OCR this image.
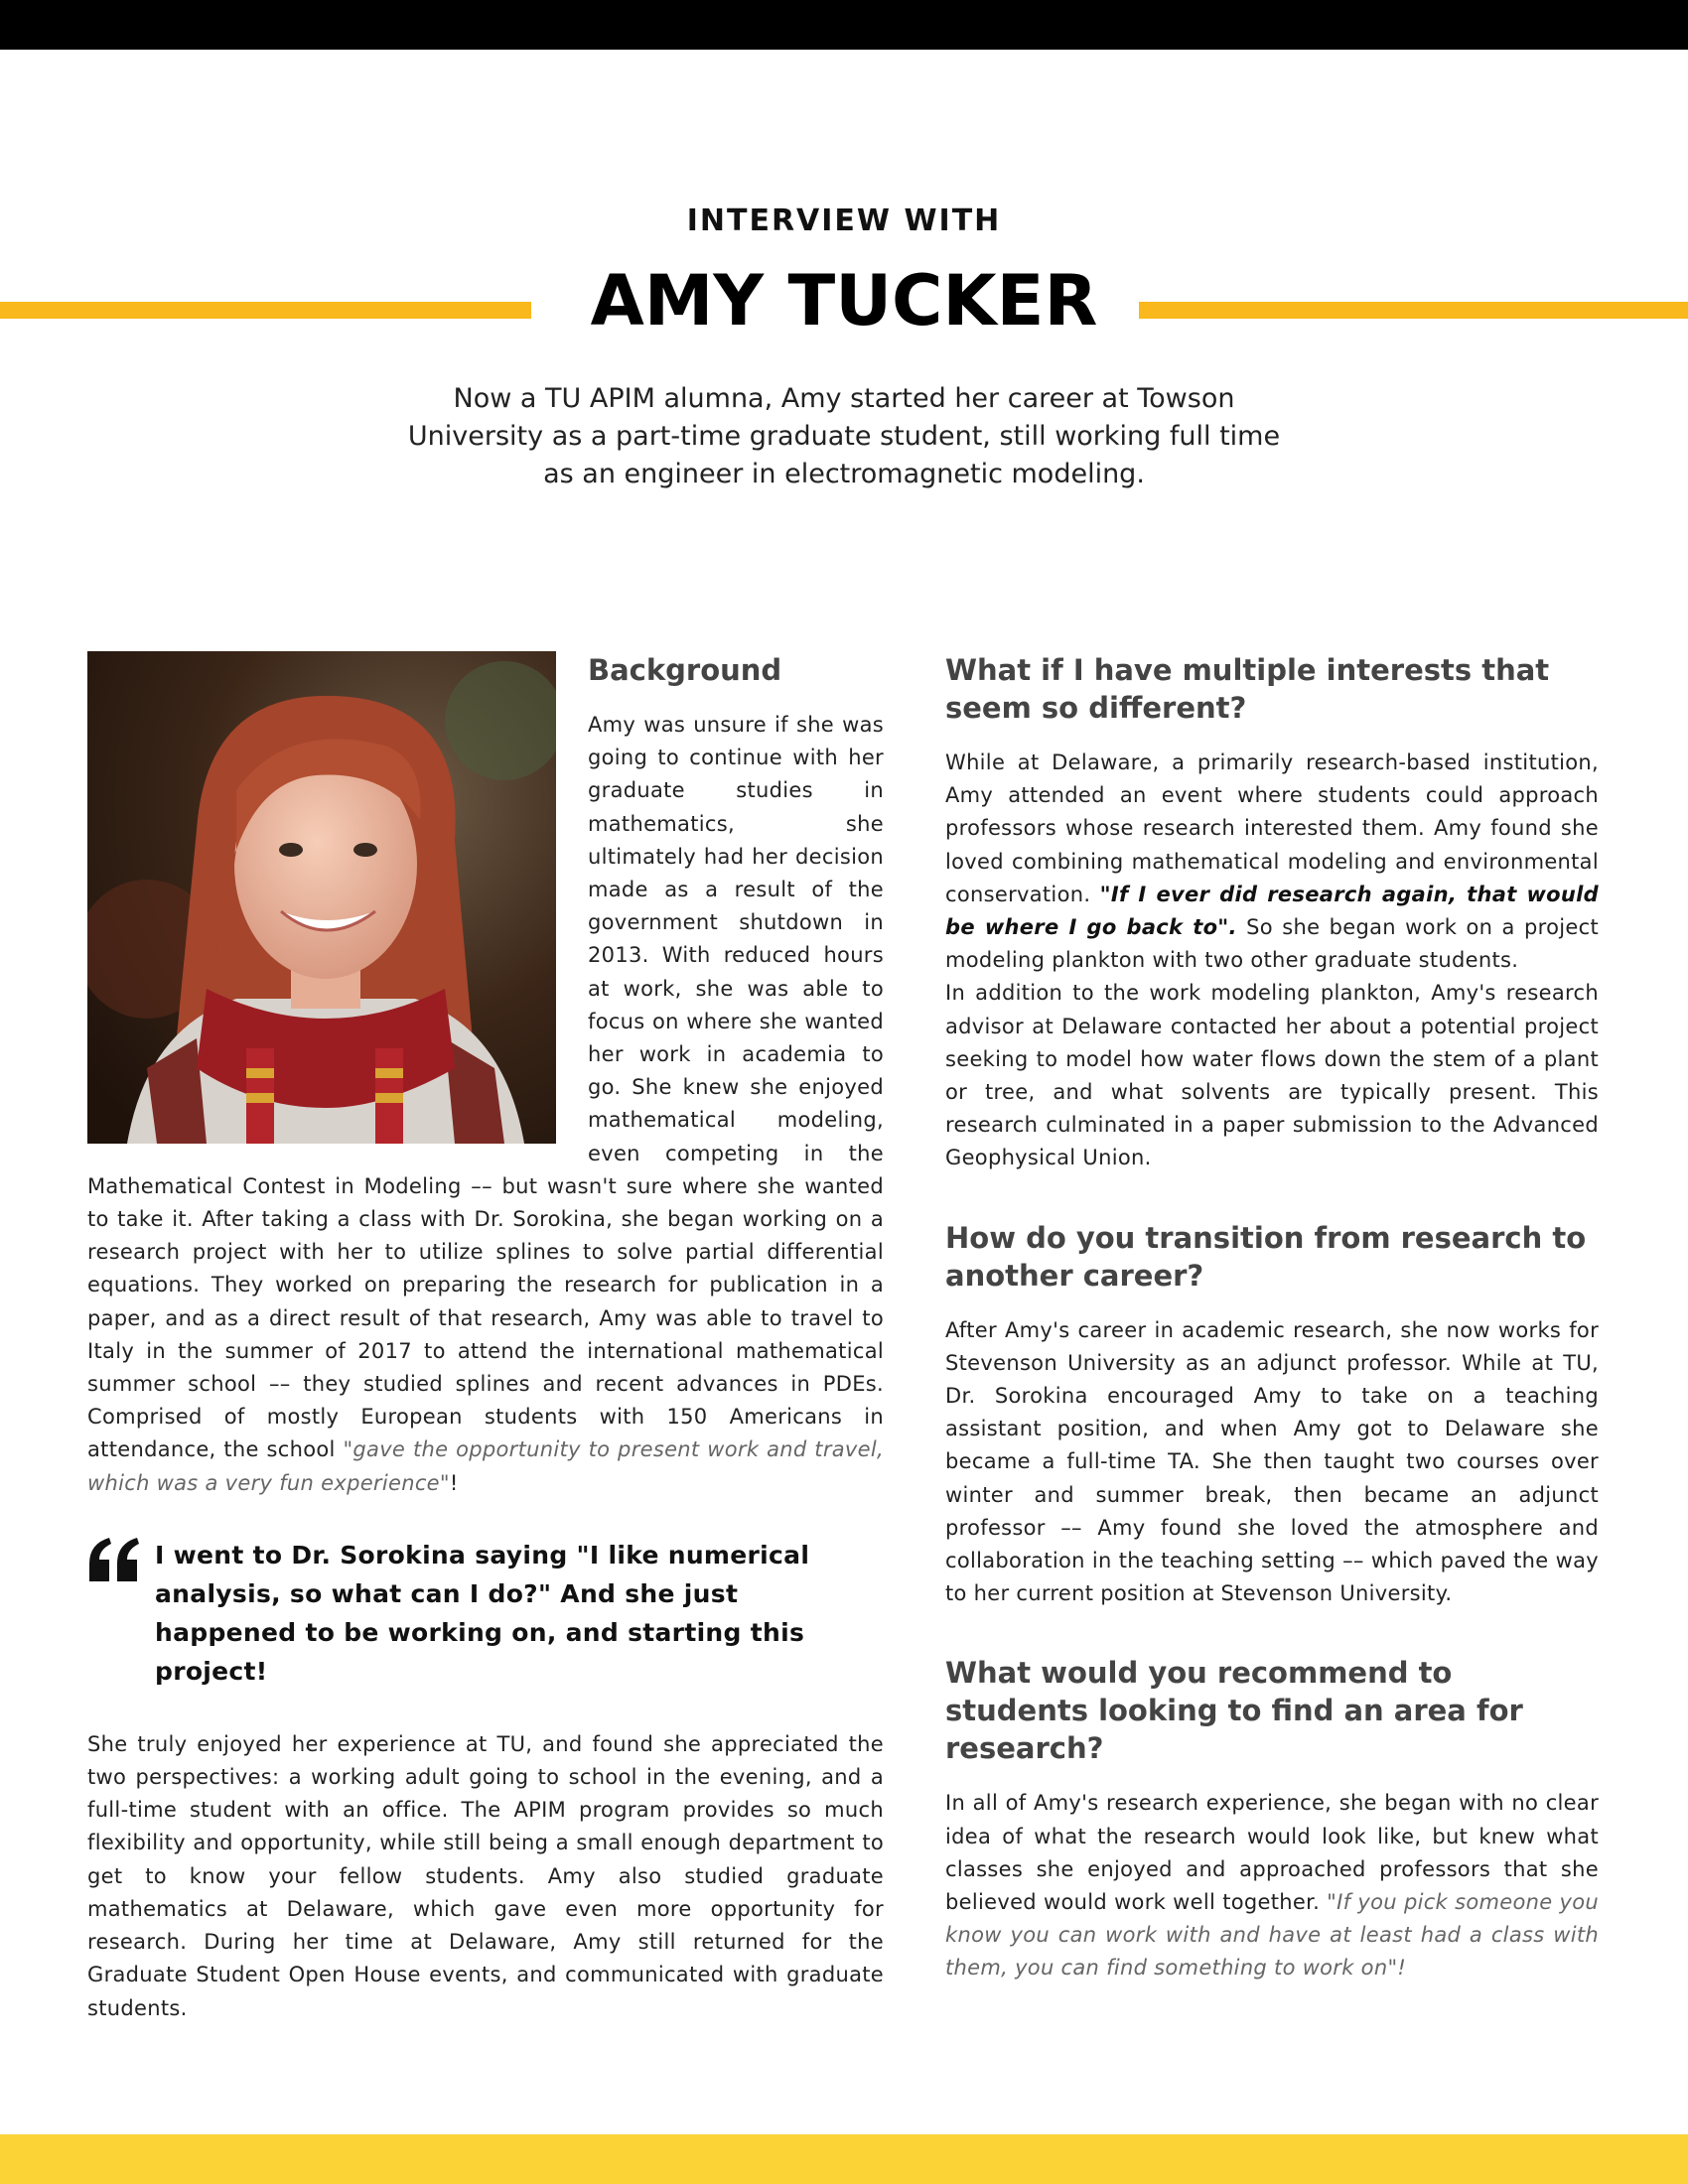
INTERVIEW WITH
AMY TUCKER
Now a TU APIM alumna, Amy started her career at Towson University as a part-time graduate student, still working full time as an engineer in electromagnetic modeling.
Background

Amy was unsure if she was going to continue with her graduate studies in mathematics, she ultimately had her decision made as a result of the government shutdown in 2013. With reduced hours at work, she was able to focus on where she wanted her work in academia to go. She knew she enjoyed mathematical modeling, even competing in the Mathematical Contest in Modeling –– but wasn't sure where she wanted to take it. After taking a class with Dr. Sorokina, she began working on a research project with her to utilize splines to solve partial differential equations. They worked on preparing the research for publication in a paper, and as a direct result of that research, Amy was able to travel to Italy in the summer of 2017 to attend the international mathematical summer school –– they studied splines and recent advances in PDEs. Comprised of mostly European students with 150 Americans in attendance, the school "gave the opportunity to present work and travel, which was a very fun experience"!

I went to Dr. Sorokina saying "I like numerical analysis, so what can I do?" And she just happened to be working on, and starting this project!

She truly enjoyed her experience at TU, and found she appreciated the two perspectives: a working adult going to school in the evening, and a full-time student with an office. The APIM program provides so much flexibility and opportunity, while still being a small enough department to get to know your fellow students. Amy also studied graduate mathematics at Delaware, which gave even more opportunity for research. During her time at Delaware, Amy still returned for the Graduate Student Open House events, and communicated with graduate students.

What if I have multiple interests that seem so different?

While at Delaware, a primarily research-based institution, Amy attended an event where students could approach professors whose research interested them. Amy found she loved combining mathematical modeling and environmental conservation. "If I ever did research again, that would be where I go back to". So she began work on a project modeling plankton with two other graduate students.

In addition to the work modeling plankton, Amy's research advisor at Delaware contacted her about a potential project seeking to model how water flows down the stem of a plant or tree, and what solvents are typically present. This research culminated in a paper submission to the Advanced Geophysical Union.

How do you transition from research to another career?

After Amy's career in academic research, she now works for Stevenson University as an adjunct professor. While at TU, Dr. Sorokina encouraged Amy to take on a teaching assistant position, and when Amy got to Delaware she became a full-time TA. She then taught two courses over winter and summer break, then became an adjunct professor –– Amy found she loved the atmosphere and collaboration in the teaching setting –– which paved the way to her current position at Stevenson University.

What would you recommend to students looking to find an area for research?

In all of Amy's research experience, she began with no clear idea of what the research would look like, but knew what classes she enjoyed and approached professors that she believed would work well together. "If you pick someone you know you can work with and have at least had a class with them, you can find something to work on"!
